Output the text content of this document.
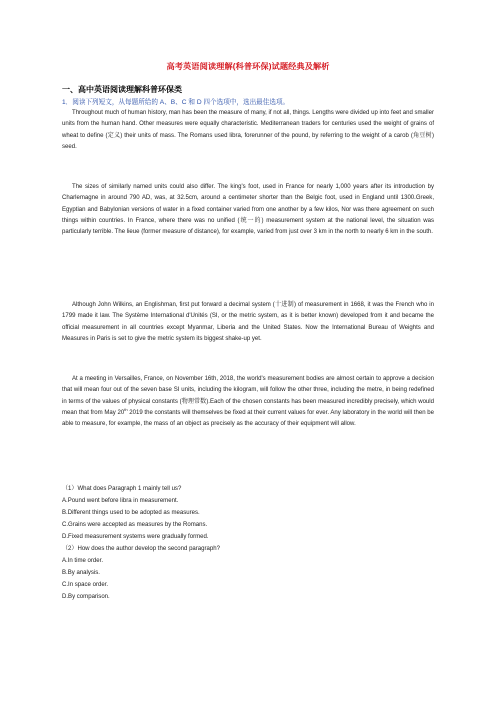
高考英语阅读理解(科普环保)试题经典及解析
一、高中英语阅读理解科普环保类
1．阅读下列短文，从每题所给的 A、B、C 和 D 四个选项中，选出最佳选项。
Throughout much of human history, man has been the measure of many, if not all, things. Lengths were divided up into feet and smaller units from the human hand. Other measures were equally characteristic. Mediterranean traders for centuries used the weight of grains of wheat to define (定义) their units of mass. The Romans used libra, forerunner of the pound, by referring to the weight of a carob (角豆树) seed.
The sizes of similarly named units could also differ. The king's foot, used in France for nearly 1,000 years after its introduction by Charlemagne in around 790 AD, was, at 32.5cm, around a centimeter shorter than the Belgic foot, used in England until 1300.Greek, Egyptian and Babylonian versions of water in a fixed container varied from one another by a few kilos, Nor was there agreement on such things within countries. In France, where there was no unified (统一的) measurement system at the national level, the situation was particularly terrible. The lieue (former measure of distance), for example, varied from just over 3 km in the north to nearly 6 km in the south.
Although John Wilkins, an Englishman, first put forward a decimal system (十进制) of measurement in 1668, it was the French who in 1799 made it law. The Système International d'Unités (SI, or the metric system, as it is better known) developed from it and became the official measurement in all countries except Myanmar, Liberia and the United States. Now the International Bureau of Weights and Measures in Paris is set to give the metric system its biggest shake-up yet.
At a meeting in Versailles, France, on November 16th, 2018, the world's measurement bodies are almost certain to approve a decision that will mean four out of the seven base SI units, including the kilogram, will follow the other three, including the metre, in being redefined in terms of the values of physical constants (物理常数).Each of the chosen constants has been measured incredibly precisely, which would mean that from May 20th 2019 the constants will themselves be fixed at their current values for ever. Any laboratory in the world will then be able to measure, for example, the mass of an object as precisely as the accuracy of their equipment will allow.
（1）What does Paragraph 1 mainly tell us?
A.Pound went before libra in measurement.
B.Different things used to be adopted as measures.
C.Grains were accepted as measures by the Romans.
D.Fixed measurement systems were gradually formed.
（2）How does the author develop the second paragraph?
A.In time order.
B.By analysis.
C.In space order.
D.By comparison.
